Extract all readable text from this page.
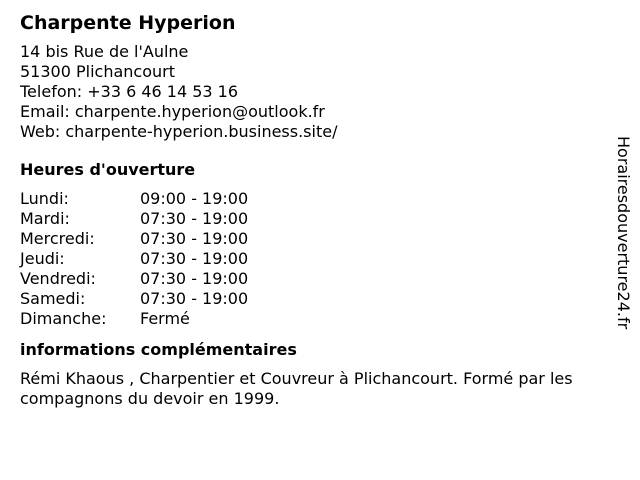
Charpente Hyperion
14 bis Rue de l'Aulne
51300 Plichancourt
Telefon: +33 6 46 14 53 16
Email: charpente.hyperion@outlook.fr
Web: charpente-hyperion.business.site/
Heures d'ouverture
Lundi:	09:00 - 19:00
Mardi:	07:30 - 19:00
Mercredi:	07:30 - 19:00
Jeudi:	07:30 - 19:00
Vendredi:	07:30 - 19:00
Samedi:	07:30 - 19:00
Dimanche:	Fermé
informations complémentaires
Rémi Khaous , Charpentier et Couvreur à Plichancourt. Formé par les compagnons du devoir en 1999.
Horairesdouverture24.fr
